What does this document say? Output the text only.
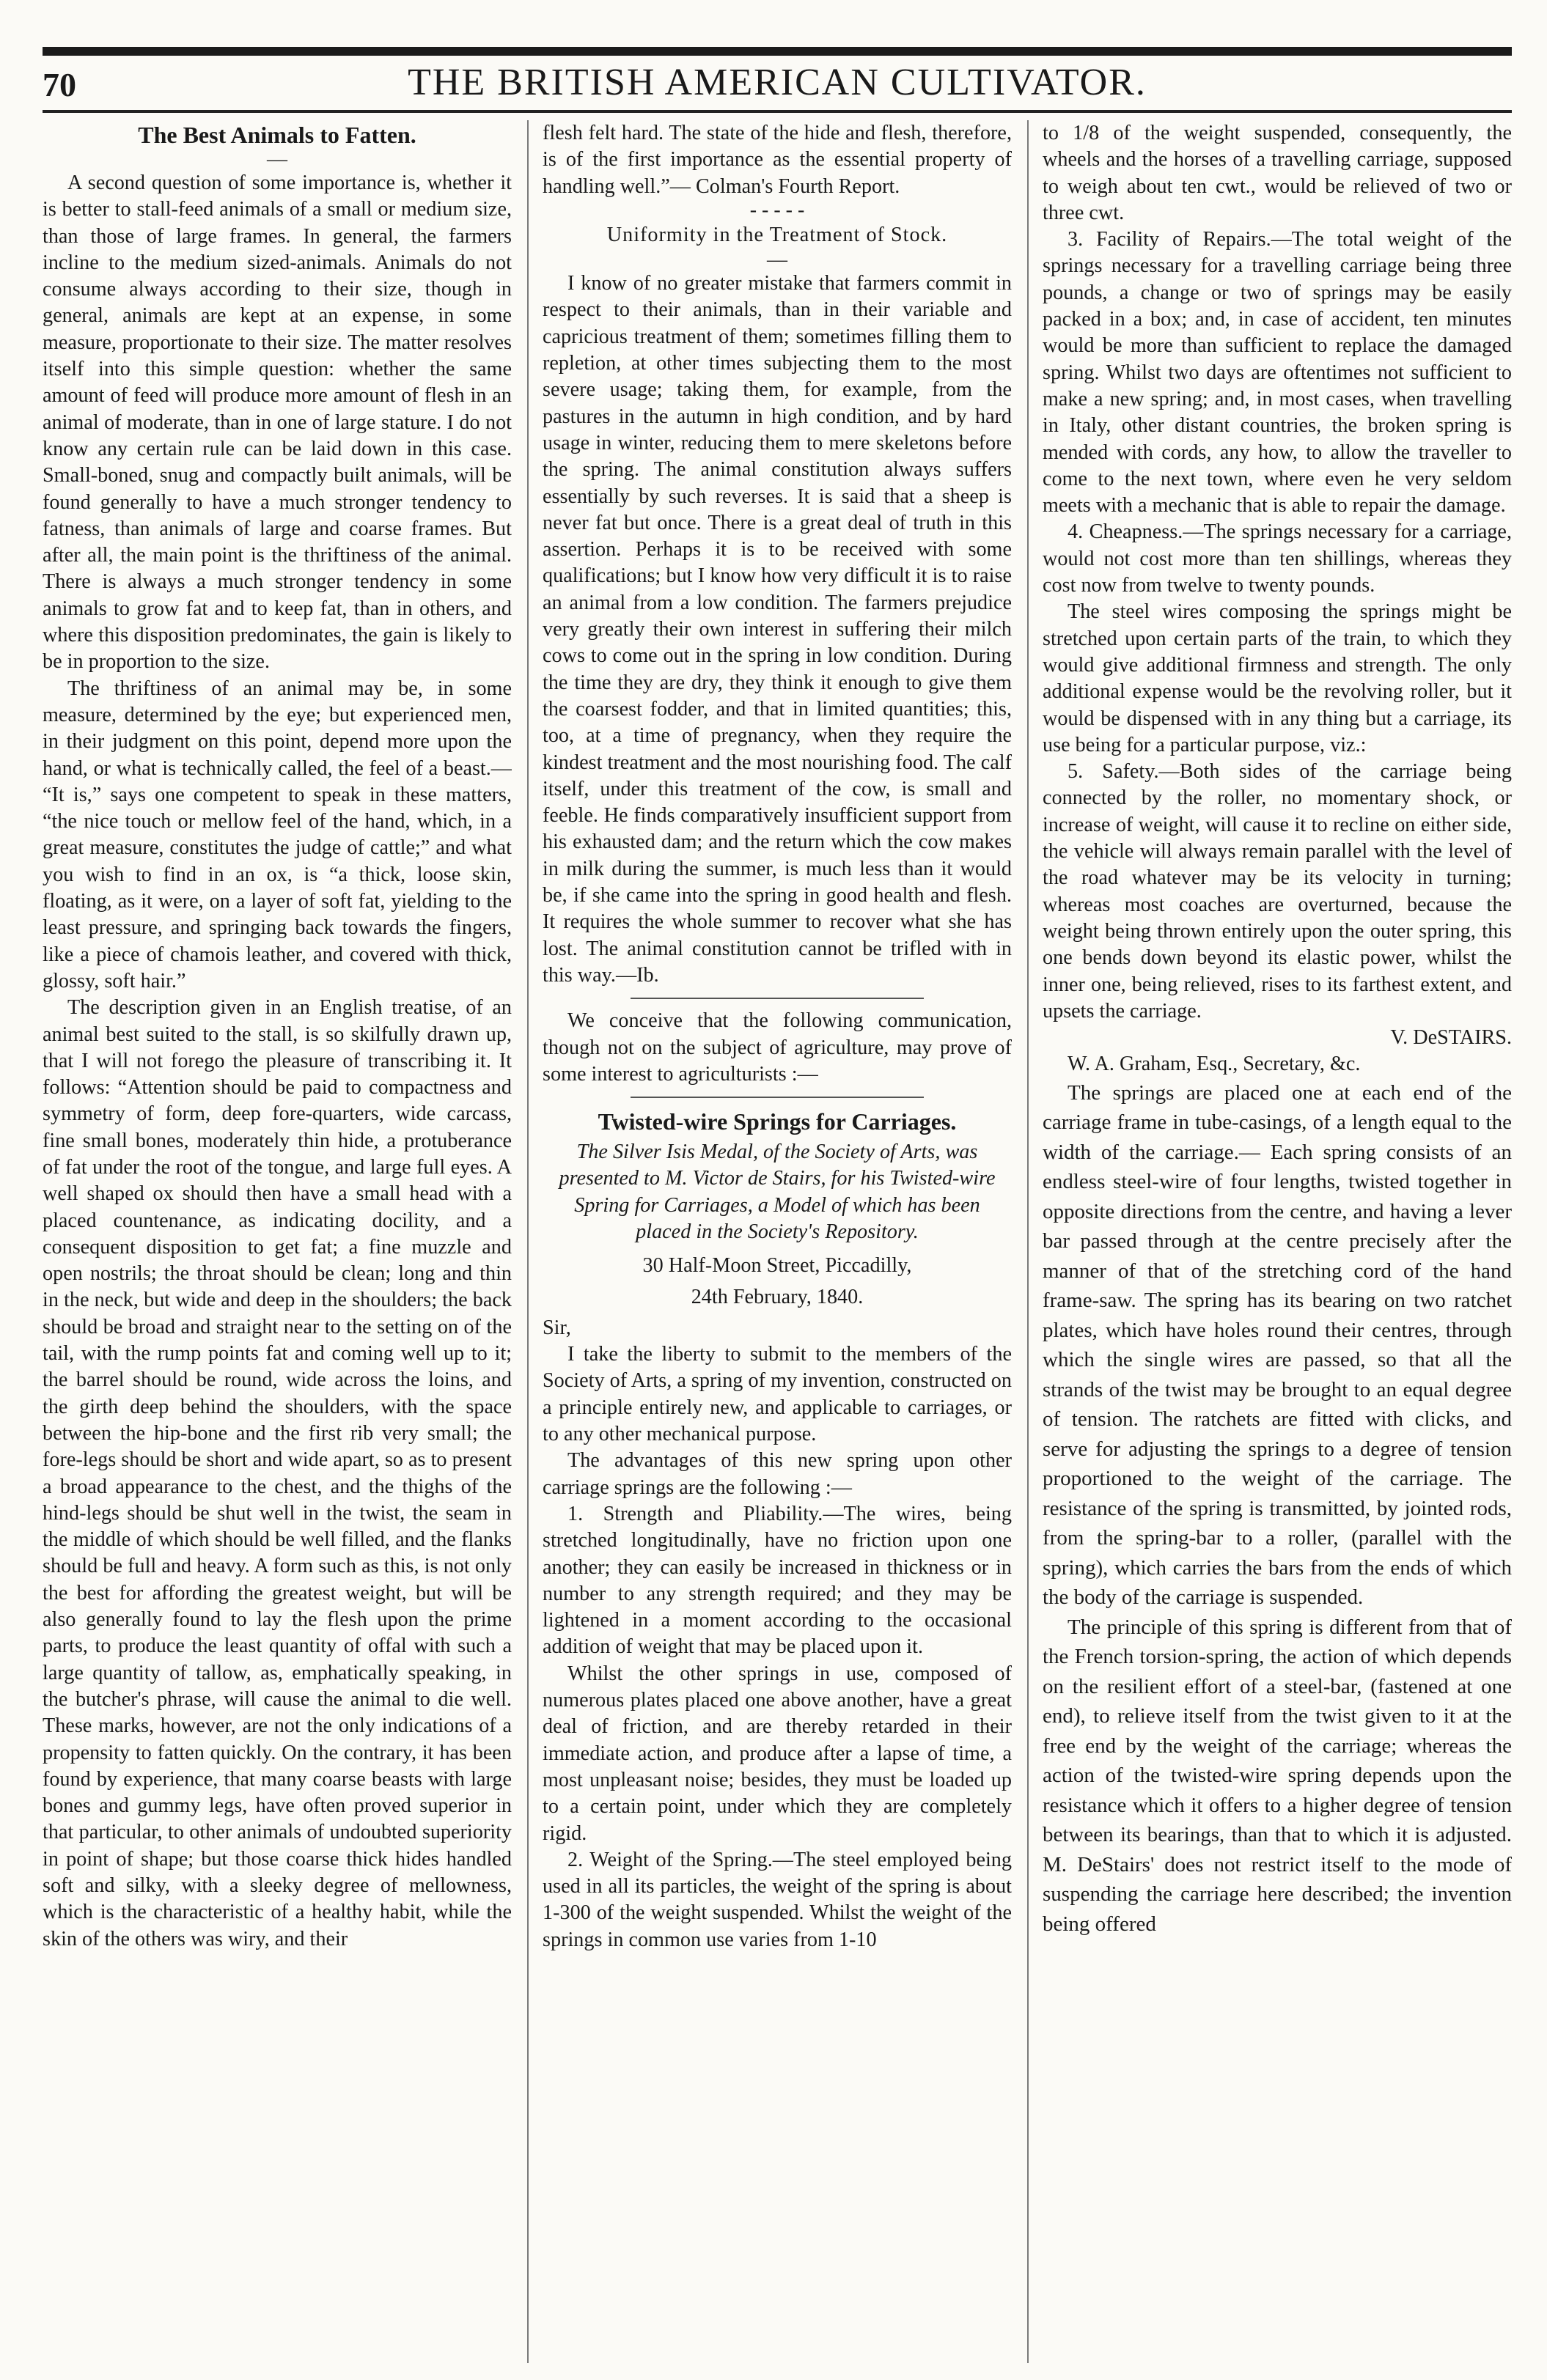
70	THE BRITISH AMERICAN CULTIVATOR.

The Best Animals to Fatten.

—

A second question of some importance is, whether it is better to stall-feed animals of a small or medium size, than those of large frames. In general, the farmers incline to the medium sized-animals. Animals do not consume always according to their size, though in general, animals are kept at an expense, in some measure, proportionate to their size. The matter resolves itself into this simple question: whether the same amount of feed will produce more amount of flesh in an animal of moderate, than in one of large stature. I do not know any certain rule can be laid down in this case. Small-boned, snug and compactly built animals, will be found generally to have a much stronger tendency to fatness, than animals of large and coarse frames. But after all, the main point is the thriftiness of the animal. There is always a much stronger tendency in some animals to grow fat and to keep fat, than in others, and where this disposition predominates, the gain is likely to be in proportion to the size.

The thriftiness of an animal may be, in some measure, determined by the eye; but experienced men, in their judgment on this point, depend more upon the hand, or what is technically called, the feel of a beast.— “It is,” says one competent to speak in these matters, “the nice touch or mellow feel of the hand, which, in a great measure, constitutes the judge of cattle;” and what you wish to find in an ox, is “a thick, loose skin, floating, as it were, on a layer of soft fat, yielding to the least pressure, and springing back towards the fingers, like a piece of chamois leather, and covered with thick, glossy, soft hair.”

The description given in an English treatise, of an animal best suited to the stall, is so skilfully drawn up, that I will not forego the pleasure of transcribing it. It follows: “Attention should be paid to compactness and symmetry of form, deep fore-quarters, wide carcass, fine small bones, moderately thin hide, a protuberance of fat under the root of the tongue, and large full eyes. A well shaped ox should then have a small head with a placed countenance, as indicating docility, and a consequent disposition to get fat; a fine muzzle and open nostrils; the throat should be clean; long and thin in the neck, but wide and deep in the shoulders; the back should be broad and straight near to the setting on of the tail, with the rump points fat and coming well up to it; the barrel should be round, wide across the loins, and the girth deep behind the shoulders, with the space between the hip-bone and the first rib very small; the fore-legs should be short and wide apart, so as to present a broad appearance to the chest, and the thighs of the hind-legs should be shut well in the twist, the seam in the middle of which should be well filled, and the flanks should be full and heavy. A form such as this, is not only the best for affording the greatest weight, but will be also generally found to lay the flesh upon the prime parts, to produce the least quantity of offal with such a large quantity of tallow, as, emphatically speaking, in the butcher's phrase, will cause the animal to die well. These marks, however, are not the only indications of a propensity to fatten quickly. On the contrary, it has been found by experience, that many coarse beasts with large bones and gummy legs, have often proved superior in that particular, to other animals of undoubted superiority in point of shape; but those coarse thick hides handled soft and silky, with a sleeky degree of mellowness, which is the characteristic of a healthy habit, while the skin of the others was wiry, and their

flesh felt hard. The state of the hide and flesh, therefore, is of the first importance as the essential property of handling well.”— Colman's Fourth Report.

- - - - -

Uniformity in the Treatment of Stock.

—

I know of no greater mistake that farmers commit in respect to their animals, than in their variable and capricious treatment of them; sometimes filling them to repletion, at other times subjecting them to the most severe usage; taking them, for example, from the pastures in the autumn in high condition, and by hard usage in winter, reducing them to mere skeletons before the spring. The animal constitution always suffers essentially by such reverses. It is said that a sheep is never fat but once. There is a great deal of truth in this assertion. Perhaps it is to be received with some qualifications; but I know how very difficult it is to raise an animal from a low condition. The farmers prejudice very greatly their own interest in suffering their milch cows to come out in the spring in low condition. During the time they are dry, they think it enough to give them the coarsest fodder, and that in limited quantities; this, too, at a time of pregnancy, when they require the kindest treatment and the most nourishing food. The calf itself, under this treatment of the cow, is small and feeble. He finds comparatively insufficient support from his exhausted dam; and the return which the cow makes in milk during the summer, is much less than it would be, if she came into the spring in good health and flesh. It requires the whole summer to recover what she has lost. The animal constitution cannot be trifled with in this way.—Ib.

We conceive that the following communication, though not on the subject of agriculture, may prove of some interest to agriculturists :—

Twisted-wire Springs for Carriages.

The Silver Isis Medal, of the Society of Arts, was presented to M. Victor de Stairs, for his Twisted-wire Spring for Carriages, a Model of which has been placed in the Society's Repository.

30 Half-Moon Street, Piccadilly,

24th February, 1840.

Sir,

I take the liberty to submit to the members of the Society of Arts, a spring of my invention, constructed on a principle entirely new, and applicable to carriages, or to any other mechanical purpose.

The advantages of this new spring upon other carriage springs are the following :—

1. Strength and Pliability.—The wires, being stretched longitudinally, have no friction upon one another; they can easily be increased in thickness or in number to any strength required; and they may be lightened in a moment according to the occasional addition of weight that may be placed upon it.

Whilst the other springs in use, composed of numerous plates placed one above another, have a great deal of friction, and are thereby retarded in their immediate action, and produce after a lapse of time, a most unpleasant noise; besides, they must be loaded up to a certain point, under which they are completely rigid.

2. Weight of the Spring.—The steel employed being used in all its particles, the weight of the spring is about 1-300 of the weight suspended. Whilst the weight of the springs in common use varies from 1-10

to 1/8 of the weight suspended, consequently, the wheels and the horses of a travelling carriage, supposed to weigh about ten cwt., would be relieved of two or three cwt.

3. Facility of Repairs.—The total weight of the springs necessary for a travelling carriage being three pounds, a change or two of springs may be easily packed in a box; and, in case of accident, ten minutes would be more than sufficient to replace the damaged spring. Whilst two days are oftentimes not sufficient to make a new spring; and, in most cases, when travelling in Italy, other distant countries, the broken spring is mended with cords, any how, to allow the traveller to come to the next town, where even he very seldom meets with a mechanic that is able to repair the damage.

4. Cheapness.—The springs necessary for a carriage, would not cost more than ten shillings, whereas they cost now from twelve to twenty pounds.

The steel wires composing the springs might be stretched upon certain parts of the train, to which they would give additional firmness and strength. The only additional expense would be the revolving roller, but it would be dispensed with in any thing but a carriage, its use being for a particular purpose, viz.:

5. Safety.—Both sides of the carriage being connected by the roller, no momentary shock, or increase of weight, will cause it to recline on either side, the vehicle will always remain parallel with the level of the road whatever may be its velocity in turning; whereas most coaches are overturned, because the weight being thrown entirely upon the outer spring, this one bends down beyond its elastic power, whilst the inner one, being relieved, rises to its farthest extent, and upsets the carriage.

V. DeSTAIRS.

W. A. Graham, Esq., Secretary, &c.

The springs are placed one at each end of the carriage frame in tube-casings, of a length equal to the width of the carriage.— Each spring consists of an endless steel-wire of four lengths, twisted together in opposite directions from the centre, and having a lever bar passed through at the centre precisely after the manner of that of the stretching cord of the hand frame-saw. The spring has its bearing on two ratchet plates, which have holes round their centres, through which the single wires are passed, so that all the strands of the twist may be brought to an equal degree of tension. The ratchets are fitted with clicks, and serve for adjusting the springs to a degree of tension proportioned to the weight of the carriage. The resistance of the spring is transmitted, by jointed rods, from the spring-bar to a roller, (parallel with the spring), which carries the bars from the ends of which the body of the carriage is suspended.

The principle of this spring is different from that of the French torsion-spring, the action of which depends on the resilient effort of a steel-bar, (fastened at one end), to relieve itself from the twist given to it at the free end by the weight of the carriage; whereas the action of the twisted-wire spring depends upon the resistance which it offers to a higher degree of tension between its bearings, than that to which it is adjusted. M. DeStairs' does not restrict itself to the mode of suspending the carriage here described; the invention being offered
